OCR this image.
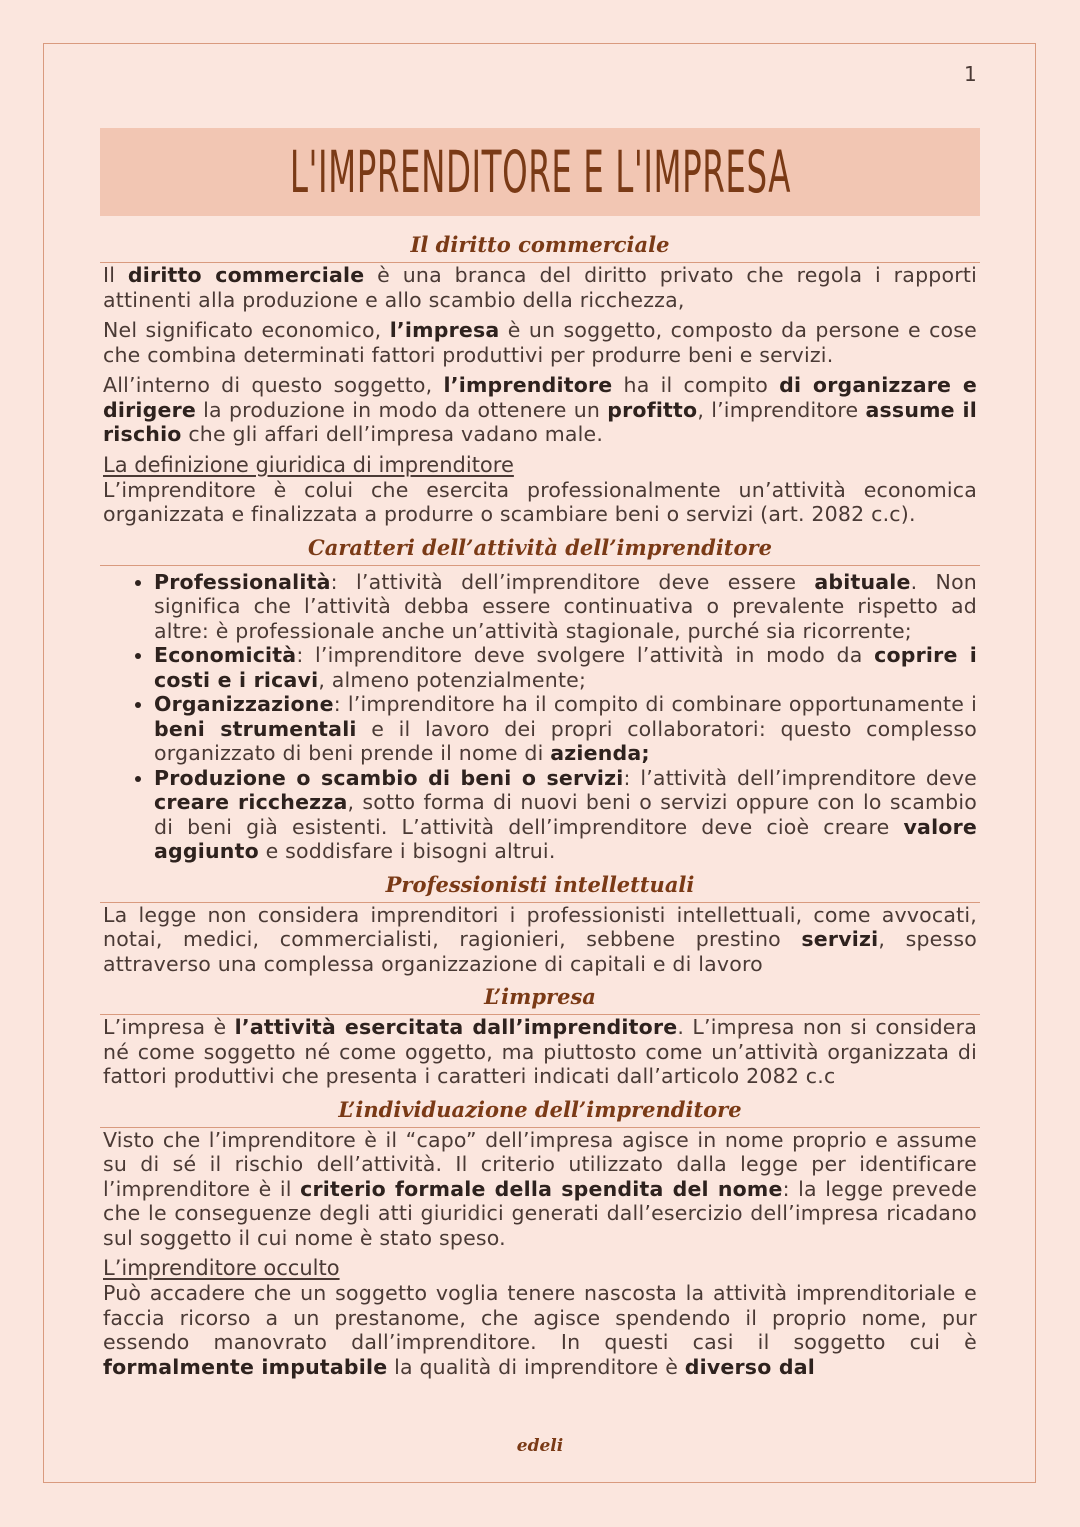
1
L'IMPRENDITORE E L'IMPRESA
Il diritto commerciale

Il diritto commerciale è una branca del diritto privato che regola i rapporti attinenti alla produzione e allo scambio della ricchezza,

Nel significato economico, l’impresa è un soggetto, composto da persone e cose che combina determinati fattori produttivi per produrre beni e servizi.

All’interno di questo soggetto, l’imprenditore ha il compito di organizzare e dirigere la produzione in modo da ottenere un profitto, l’imprenditore assume il rischio che gli affari dell’impresa vadano male.

La definizione giuridica di imprenditore

L’imprenditore è colui che esercita professionalmente un’attività economica organizzata e finalizzata a produrre o scambiare beni o servizi (art. 2082 c.c).

Caratteri dell’attività dell’imprenditore
• Professionalità: l’attività dell’imprenditore deve essere abituale. Non significa che l’attività debba essere continuativa o prevalente rispetto ad altre: è professionale anche un’attività stagionale, purché sia ricorrente;
• Economicità: l’imprenditore deve svolgere l’attività in modo da coprire i costi e i ricavi, almeno potenzialmente;
• Organizzazione: l’imprenditore ha il compito di combinare opportunamente i beni strumentali e il lavoro dei propri collaboratori: questo complesso organizzato di beni prende il nome di azienda;
• Produzione o scambio di beni o servizi: l’attività dell’imprenditore deve creare ricchezza, sotto forma di nuovi beni o servizi oppure con lo scambio di beni già esistenti. L’attività dell’imprenditore deve cioè creare valore aggiunto e soddisfare i bisogni altrui.
Professionisti intellettuali

La legge non considera imprenditori i professionisti intellettuali, come avvocati, notai, medici, commercialisti, ragionieri, sebbene prestino servizi, spesso attraverso una complessa organizzazione di capitali e di lavoro

L’impresa

L’impresa è l’attività esercitata dall’imprenditore. L’impresa non si considera né come soggetto né come oggetto, ma piuttosto come un’attività organizzata di fattori produttivi che presenta i caratteri indicati dall’articolo 2082 c.c

L’individuazione dell’imprenditore

Visto che l’imprenditore è il “capo” dell’impresa agisce in nome proprio e assume su di sé il rischio dell’attività. Il criterio utilizzato dalla legge per identificare l’imprenditore è il criterio formale della spendita del nome: la legge prevede che le conseguenze degli atti giuridici generati dall’esercizio dell’impresa ricadano sul soggetto il cui nome è stato speso.

L’imprenditore occulto

Può accadere che un soggetto voglia tenere nascosta la attività imprenditoriale e faccia ricorso a un prestanome, che agisce spendendo il proprio nome, pur essendo manovrato dall’imprenditore. In questi casi il soggetto cui è formalmente imputabile la qualità di imprenditore è diverso dal

edeli
